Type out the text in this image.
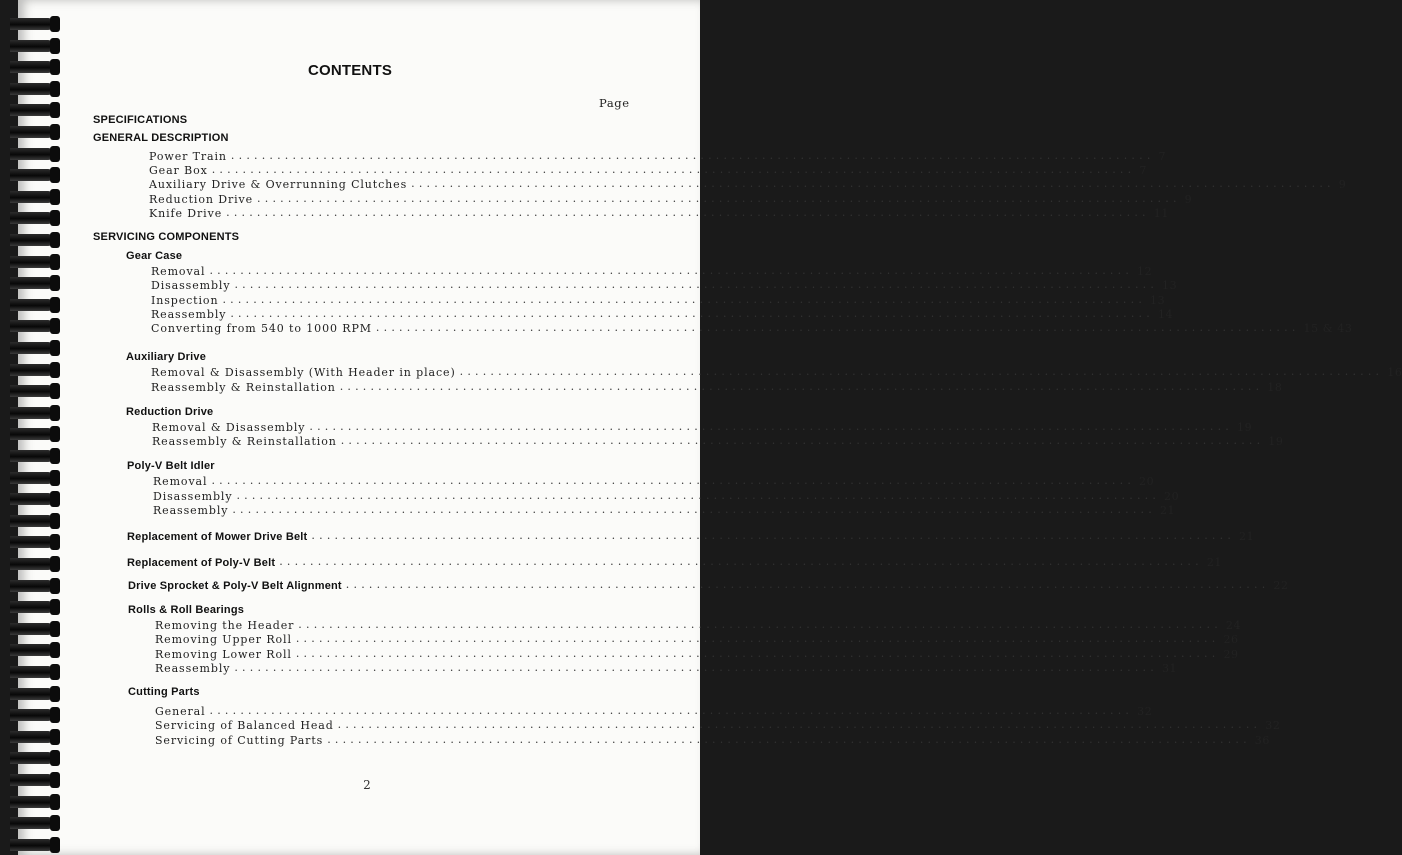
CONTENTS
Page
SPECIFICATIONS
GENERAL DESCRIPTION
Power Train ........................................................................................................................ 7
Gear Box ........................................................................................................................ 7
Auxiliary Drive & Overrunning Clutches ........................................................................................................................ 9
Reduction Drive ........................................................................................................................ 9
Knife Drive ........................................................................................................................ 11
SERVICING COMPONENTS
Gear Case
Removal ........................................................................................................................ 12
Disassembly ........................................................................................................................ 13
Inspection ........................................................................................................................ 13
Reassembly ........................................................................................................................ 14
Converting from 540 to 1000 RPM ........................................................................................................................ 15 & 43
Auxiliary Drive
Removal & Disassembly (With Header in place) ........................................................................................................................ 16
Reassembly & Reinstallation ........................................................................................................................ 18
Reduction Drive
Removal & Disassembly ........................................................................................................................ 19
Reassembly & Reinstallation ........................................................................................................................ 19
Poly-V Belt Idler
Removal ........................................................................................................................ 20
Disassembly ........................................................................................................................ 20
Reassembly ........................................................................................................................ 21
Replacement of Mower Drive Belt ........................................................................................................................ 21
Replacement of Poly-V Belt ........................................................................................................................ 21
Drive Sprocket & Poly-V Belt Alignment ........................................................................................................................ 22
Rolls & Roll Bearings
Removing the Header ........................................................................................................................ 24
Removing Upper Roll ........................................................................................................................ 26
Removing Lower Roll ........................................................................................................................ 29
Reassembly ........................................................................................................................ 31
Cutting Parts
General ........................................................................................................................ 32
Servicing of Balanced Head ........................................................................................................................ 32
Servicing of Cutting Parts ........................................................................................................................ 36
2
